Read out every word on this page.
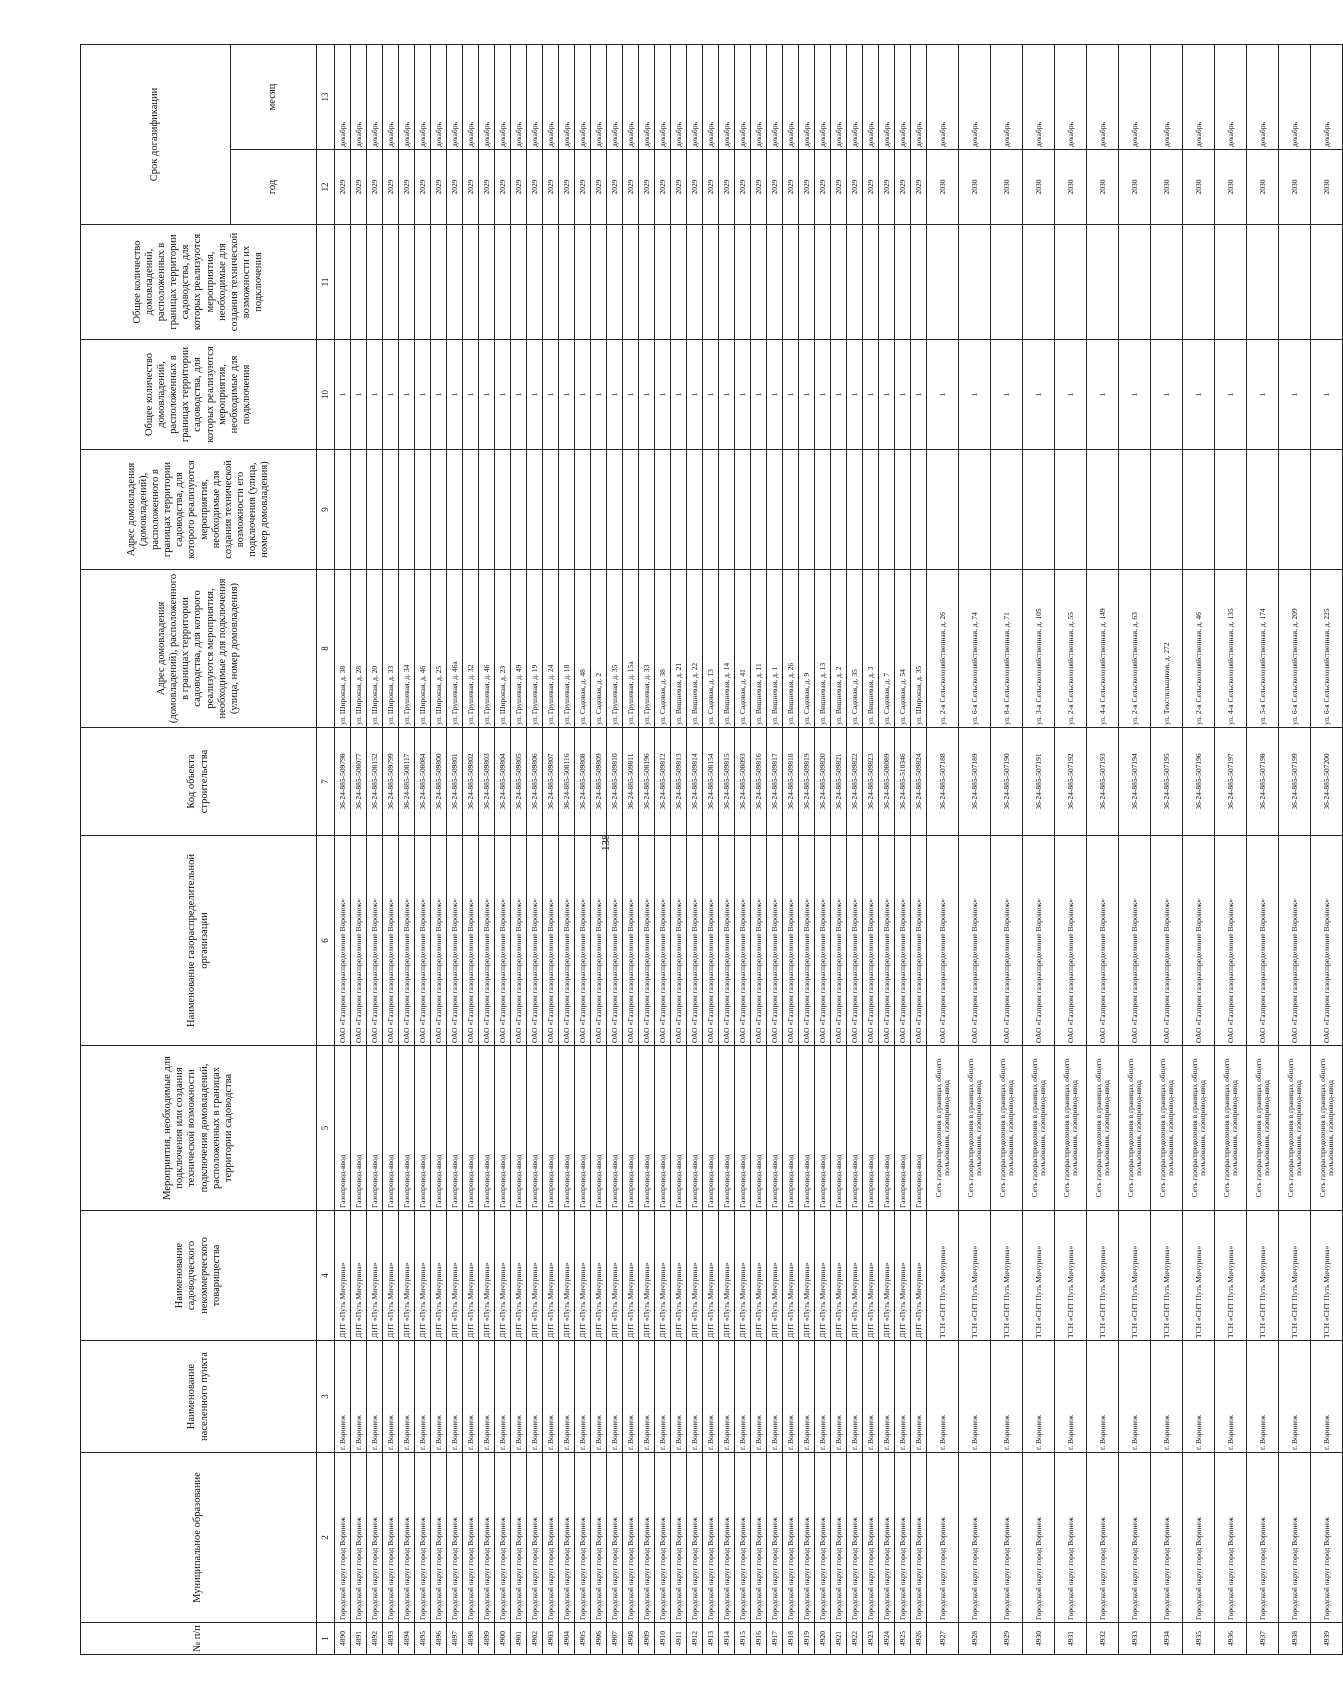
138
№ п/п	Муниципальное образование	Наименование населенного пункта	Наименование садоводческого некоммерческого товарищества	Мероприятия, необходимые для подключения или создания технической возможности подключения домовладений, расположенных в границах территории садоводства	Наименование газораспределительной организации	Код объекта строительства	Адрес домовладения (домовладений), расположенного в границах территории садоводства, для которого реализуются мероприятия, необходимые для подключения (улица, номер домовладения)	Адрес домовладения (домовладений), расположенного в границах территории садоводства, для которого реализуются мероприятия, необходимые для создания технической возможности его подключения (улица, номер домовладения)	Общее количество домовладений, расположенных в границах территории садоводства, для которых реализуются мероприятия, необходимые для подключения	Общее количество домовладений, расположенных в границах территории садоводства, для которых реализуются мероприятия, необходимые для создания технической возможности их подключения	Срок догазификации	
											год	месяц
1	2	3	4	5	6	7	8	9	10	11	12	13
4890	Городской округ город Воронеж	г. Воронеж	ДНТ «Путь Мичурина»	Газопровод-ввод	ОАО «Газпром газораспределение Воронеж»	36-24-885-509798	ул. Широкая, д. 38		1		2029	декабрь
4891	Городской округ город Воронеж	г. Воронеж	ДНТ «Путь Мичурина»	Газопровод-ввод	ОАО «Газпром газораспределение Воронеж»	36-24-885-508077	ул. Широкая, д. 28		1		2029	декабрь
4892	Городской округ город Воронеж	г. Воронеж	ДНТ «Путь Мичурина»	Газопровод-ввод	ОАО «Газпром газораспределение Воронеж»	36-24-885-508152	ул. Широкая, д. 20		1		2029	декабрь
4893	Городской округ город Воронеж	г. Воронеж	ДНТ «Путь Мичурина»	Газопровод-ввод	ОАО «Газпром газораспределение Воронеж»	36-24-885-509799	ул. Широкая, д. 33		1		2029	декабрь
4894	Городской округ город Воронеж	г. Воронеж	ДНТ «Путь Мичурина»	Газопровод-ввод	ОАО «Газпром газораспределение Воронеж»	36-24-885-508117	ул. Грушевая, д. 34		1		2029	декабрь
4895	Городской округ город Воронеж	г. Воронеж	ДНТ «Путь Мичурина»	Газопровод-ввод	ОАО «Газпром газораспределение Воронеж»	36-24-885-508084	ул. Широкая, д. 46		1		2029	декабрь
4896	Городской округ город Воронеж	г. Воронеж	ДНТ «Путь Мичурина»	Газопровод-ввод	ОАО «Газпром газораспределение Воронеж»	36-24-885-509800	ул. Широкая, д. 25		1		2029	декабрь
4897	Городской округ город Воронеж	г. Воронеж	ДНТ «Путь Мичурина»	Газопровод-ввод	ОАО «Газпром газораспределение Воронеж»	36-24-885-509801	ул. Грушевая, д. 46а		1		2029	декабрь
4898	Городской округ город Воронеж	г. Воронеж	ДНТ «Путь Мичурина»	Газопровод-ввод	ОАО «Газпром газораспределение Воронеж»	36-24-885-509802	ул. Грушевая, д. 32		1		2029	декабрь
4899	Городской округ город Воронеж	г. Воронеж	ДНТ «Путь Мичурина»	Газопровод-ввод	ОАО «Газпром газораспределение Воронеж»	36-24-885-509803	ул. Грушевая, д. 46		1		2029	декабрь
4900	Городской округ город Воронеж	г. Воронеж	ДНТ «Путь Мичурина»	Газопровод-ввод	ОАО «Газпром газораспределение Воронеж»	36-24-885-509804	ул. Широкая, д. 23		1		2029	декабрь
4901	Городской округ город Воронеж	г. Воронеж	ДНТ «Путь Мичурина»	Газопровод-ввод	ОАО «Газпром газораспределение Воронеж»	36-24-885-509805	ул. Грушевая, д. 49		1		2029	декабрь
4902	Городской округ город Воронеж	г. Воронеж	ДНТ «Путь Мичурина»	Газопровод-ввод	ОАО «Газпром газораспределение Воронеж»	36-24-885-509806	ул. Грушевая, д. 19		1		2029	декабрь
4903	Городской округ город Воронеж	г. Воронеж	ДНТ «Путь Мичурина»	Газопровод-ввод	ОАО «Газпром газораспределение Воронеж»	36-24-885-509807	ул. Грушевая, д. 24		1		2029	декабрь
4904	Городской округ город Воронеж	г. Воронеж	ДНТ «Путь Мичурина»	Газопровод-ввод	ОАО «Газпром газораспределение Воронеж»	36-24-885-508116	ул. Грушевая, д. 18		1		2029	декабрь
4905	Городской округ город Воронеж	г. Воронеж	ДНТ «Путь Мичурина»	Газопровод-ввод	ОАО «Газпром газораспределение Воронеж»	36-24-885-509808	ул. Садовая, д. 48		1		2029	декабрь
4906	Городской округ город Воронеж	г. Воронеж	ДНТ «Путь Мичурина»	Газопровод-ввод	ОАО «Газпром газораспределение Воронеж»	36-24-885-509809	ул. Садовая, д. 2		1		2029	декабрь
4907	Городской округ город Воронеж	г. Воронеж	ДНТ «Путь Мичурина»	Газопровод-ввод	ОАО «Газпром газораспределение Воронеж»	36-24-885-509810	ул. Грушевая, д. 35		1		2029	декабрь
4908	Городской округ город Воронеж	г. Воронеж	ДНТ «Путь Мичурина»	Газопровод-ввод	ОАО «Газпром газораспределение Воронеж»	36-24-885-509811	ул. Грушевая, д. 15а		1		2029	декабрь
4909	Городской округ город Воронеж	г. Воронеж	ДНТ «Путь Мичурина»	Газопровод-ввод	ОАО «Газпром газораспределение Воронеж»	36-24-885-508196	ул. Грушевая, д. 33		1		2029	декабрь
4910	Городской округ город Воронеж	г. Воронеж	ДНТ «Путь Мичурина»	Газопровод-ввод	ОАО «Газпром газораспределение Воронеж»	36-24-885-509812	ул. Садовая, д. 38		1		2029	декабрь
4911	Городской округ город Воронеж	г. Воронеж	ДНТ «Путь Мичурина»	Газопровод-ввод	ОАО «Газпром газораспределение Воронеж»	36-24-885-509813	ул. Вишневая, д. 21		1		2029	декабрь
4912	Городской округ город Воронеж	г. Воронеж	ДНТ «Путь Мичурина»	Газопровод-ввод	ОАО «Газпром газораспределение Воронеж»	36-24-885-509814	ул. Вишневая, д. 22		1		2029	декабрь
4913	Городской округ город Воронеж	г. Воронеж	ДНТ «Путь Мичурина»	Газопровод-ввод	ОАО «Газпром газораспределение Воронеж»	36-24-885-508154	ул. Садовая, д. 13		1		2029	декабрь
4914	Городской округ город Воронеж	г. Воронеж	ДНТ «Путь Мичурина»	Газопровод-ввод	ОАО «Газпром газораспределение Воронеж»	36-24-885-509815	ул. Вишневая, д. 14		1		2029	декабрь
4915	Городской округ город Воронеж	г. Воронеж	ДНТ «Путь Мичурина»	Газопровод-ввод	ОАО «Газпром газораспределение Воронеж»	36-24-885-508093	ул. Садовая, д. 41		1		2029	декабрь
4916	Городской округ город Воронеж	г. Воронеж	ДНТ «Путь Мичурина»	Газопровод-ввод	ОАО «Газпром газораспределение Воронеж»	36-24-885-509816	ул. Вишневая, д. 11		1		2029	декабрь
4917	Городской округ город Воронеж	г. Воронеж	ДНТ «Путь Мичурина»	Газопровод-ввод	ОАО «Газпром газораспределение Воронеж»	36-24-885-509817	ул. Вишневая, д. 1		1		2029	декабрь
4918	Городской округ город Воронеж	г. Воронеж	ДНТ «Путь Мичурина»	Газопровод-ввод	ОАО «Газпром газораспределение Воронеж»	36-24-885-509818	ул. Вишневая, д. 26		1		2029	декабрь
4919	Городской округ город Воронеж	г. Воронеж	ДНТ «Путь Мичурина»	Газопровод-ввод	ОАО «Газпром газораспределение Воронеж»	36-24-885-509819	ул. Садовая, д. 9		1		2029	декабрь
4920	Городской округ город Воронеж	г. Воронеж	ДНТ «Путь Мичурина»	Газопровод-ввод	ОАО «Газпром газораспределение Воронеж»	36-24-885-509820	ул. Вишневая, д. 13		1		2029	декабрь
4921	Городской округ город Воронеж	г. Воронеж	ДНТ «Путь Мичурина»	Газопровод-ввод	ОАО «Газпром газораспределение Воронеж»	36-24-885-509821	ул. Вишневая, д. 2		1		2029	декабрь
4922	Городской округ город Воронеж	г. Воронеж	ДНТ «Путь Мичурина»	Газопровод-ввод	ОАО «Газпром газораспределение Воронеж»	36-24-885-509822	ул. Садовая, д. 35		1		2029	декабрь
4923	Городской округ город Воронеж	г. Воронеж	ДНТ «Путь Мичурина»	Газопровод-ввод	ОАО «Газпром газораспределение Воронеж»	36-24-885-509823	ул. Вишневая, д. 3		1		2029	декабрь
4924	Городской округ город Воронеж	г. Воронеж	ДНТ «Путь Мичурина»	Газопровод-ввод	ОАО «Газпром газораспределение Воронеж»	36-24-885-508089	ул. Садовая, д. 7		1		2029	декабрь
4925	Городской округ город Воронеж	г. Воронеж	ДНТ «Путь Мичурина»	Газопровод-ввод	ОАО «Газпром газораспределение Воронеж»	36-24-885-510346	ул. Садовая, д. 54		1		2029	декабрь
4926	Городской округ город Воронеж	г. Воронеж	ДНТ «Путь Мичурина»	Газопровод-ввод	ОАО «Газпром газораспределение Воронеж»	36-24-885-509824	ул. Широкая, д. 35		1		2029	декабрь
4927	Городской округ город Воронеж	г. Воронеж	ТСН «СНТ Путь Мичурина»	Сеть газораспределения в границах общего пользования, газопровод-ввод	ОАО «Газпром газораспределение Воронеж»	36-24-885-507188	ул. 2-я Сельскохозяйственная, д. 26		1		2030	декабрь
4928	Городской округ город Воронеж	г. Воронеж	ТСН «СНТ Путь Мичурина»	Сеть газораспределения в границах общего пользования, газопровод-ввод	ОАО «Газпром газораспределение Воронеж»	36-24-885-507189	ул. 6-я Сельскохозяйственная, д. 74		1		2030	декабрь
4929	Городской округ город Воронеж	г. Воронеж	ТСН «СНТ Путь Мичурина»	Сеть газораспределения в границах общего пользования, газопровод-ввод	ОАО «Газпром газораспределение Воронеж»	36-24-885-507190	ул. 8-я Сельскохозяйственная, д. 71		1		2030	декабрь
4930	Городской округ город Воронеж	г. Воронеж	ТСН «СНТ Путь Мичурина»	Сеть газораспределения в границах общего пользования, газопровод-ввод	ОАО «Газпром газораспределение Воронеж»	36-24-885-507191	ул. 3-я Сельскохозяйственная, д. 105		1		2030	декабрь
4931	Городской округ город Воронеж	г. Воронеж	ТСН «СНТ Путь Мичурина»	Сеть газораспределения в границах общего пользования, газопровод-ввод	ОАО «Газпром газораспределение Воронеж»	36-24-885-507192	ул. 2-я Сельскохозяйственная, д. 55		1		2030	декабрь
4932	Городской округ город Воронеж	г. Воронеж	ТСН «СНТ Путь Мичурина»	Сеть газораспределения в границах общего пользования, газопровод-ввод	ОАО «Газпром газораспределение Воронеж»	36-24-885-507193	ул. 4-я Сельскохозяйственная, д. 149		1		2030	декабрь
4933	Городской округ город Воронеж	г. Воронеж	ТСН «СНТ Путь Мичурина»	Сеть газораспределения в границах общего пользования, газопровод-ввод	ОАО «Газпром газораспределение Воронеж»	36-24-885-507194	ул. 2-я Сельскохозяйственная, д. 63		1		2030	декабрь
4934	Городской округ город Воронеж	г. Воронеж	ТСН «СНТ Путь Мичурина»	Сеть газораспределения в границах общего пользования, газопровод-ввод	ОАО «Газпром газораспределение Воронеж»	36-24-885-507195	ул. Текстильщиков, д. 272		1		2030	декабрь
4935	Городской округ город Воронеж	г. Воронеж	ТСН «СНТ Путь Мичурина»	Сеть газораспределения в границах общего пользования, газопровод-ввод	ОАО «Газпром газораспределение Воронеж»	36-24-885-507196	ул. 2-я Сельскохозяйственная, д. 46		1		2030	декабрь
4936	Городской округ город Воронеж	г. Воронеж	ТСН «СНТ Путь Мичурина»	Сеть газораспределения в границах общего пользования, газопровод-ввод	ОАО «Газпром газораспределение Воронеж»	36-24-885-507197	ул. 4-я Сельскохозяйственная, д. 135		1		2030	декабрь
4937	Городской округ город Воронеж	г. Воронеж	ТСН «СНТ Путь Мичурина»	Сеть газораспределения в границах общего пользования, газопровод-ввод	ОАО «Газпром газораспределение Воронеж»	36-24-885-507198	ул. 5-я Сельскохозяйственная, д. 174		1		2030	декабрь
4938	Городской округ город Воронеж	г. Воронеж	ТСН «СНТ Путь Мичурина»	Сеть газораспределения в границах общего пользования, газопровод-ввод	ОАО «Газпром газораспределение Воронеж»	36-24-885-507199	ул. 6-я Сельскохозяйственная, д. 209		1		2030	декабрь
4939	Городской округ город Воронеж	г. Воронеж	ТСН «СНТ Путь Мичурина»	Сеть газораспределения в границах общего пользования, газопровод-ввод	ОАО «Газпром газораспределение Воронеж»	36-24-885-507200	ул. 6-я Сельскохозяйственная, д. 225		1		2030	декабрь
